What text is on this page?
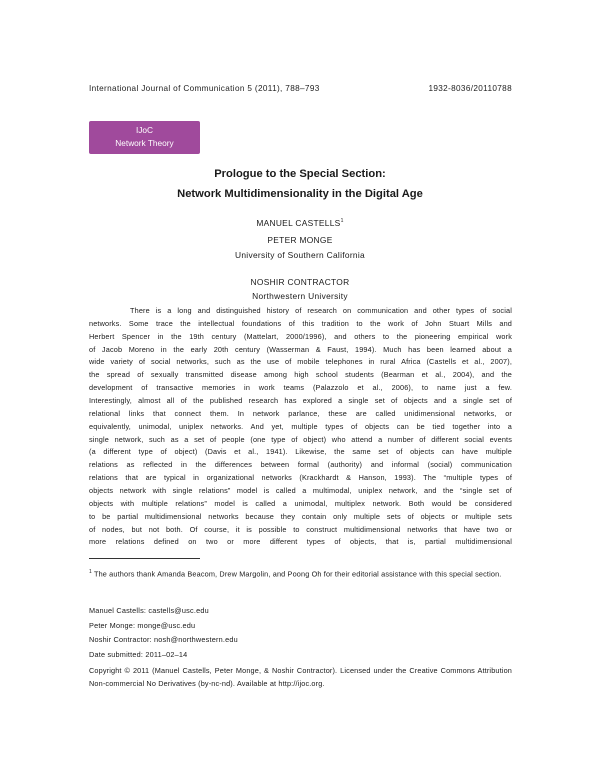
International Journal of Communication 5 (2011), 788–793	1932-8036/20110788
IJoC
Network Theory
Prologue to the Special Section:
Network Multidimensionality in the Digital Age
MANUEL CASTELLS$^1$
PETER MONGE
University of Southern California
NOSHIR CONTRACTOR
Northwestern University
There is a long and distinguished history of research on communication and other types of social
networks. Some trace the intellectual foundations of this tradition to the work of John Stuart Mills and
Herbert Spencer in the 19th century (Mattelart, 2000/1996), and others to the pioneering empirical work
of Jacob Moreno in the early 20th century (Wasserman & Faust, 1994). Much has been learned about a
wide variety of social networks, such as the use of mobile telephones in rural Africa (Castells et al., 2007),
the spread of sexually transmitted disease among high school students (Bearman et al., 2004), and the
development of transactive memories in work teams (Palazzolo et al., 2006), to name just a few.
Interestingly, almost all of the published research has explored a single set of objects and a single set of
relational links that connect them. In network parlance, these are called unidimensional networks, or
equivalently, unimodal, uniplex networks. And yet, multiple types of objects can be tied together into a
single network, such as a set of people (one type of object) who attend a number of different social events
(a different type of object) (Davis et al., 1941). Likewise, the same set of objects can have multiple
relations as reflected in the differences between formal (authority) and informal (social) communication
relations that are typical in organizational networks (Krackhardt & Hanson, 1993). The “multiple types of
objects network with single relations” model is called a multimodal, uniplex network, and the “single set of
objects with multiple relations” model is called a unimodal, multiplex network. Both would be considered
to be partial multidimensional networks because they contain only multiple sets of objects or multiple sets
of nodes, but not both. Of course, it is possible to construct multidimensional networks that have two or
more relations defined on two or more different types of objects, that is, partial multidimensional
$^1$ The authors thank Amanda Beacom, Drew Margolin, and Poong Oh for their editorial assistance with this special section.
Manuel Castells: castells@usc.edu
Peter Monge: monge@usc.edu
Noshir Contractor: nosh@northwestern.edu
Date submitted: 2011–02–14
Copyright © 2011 (Manuel Castells, Peter Monge, & Noshir Contractor). Licensed under the Creative Commons Attribution Non-commercial No Derivatives (by-nc-nd). Available at http://ijoc.org.
